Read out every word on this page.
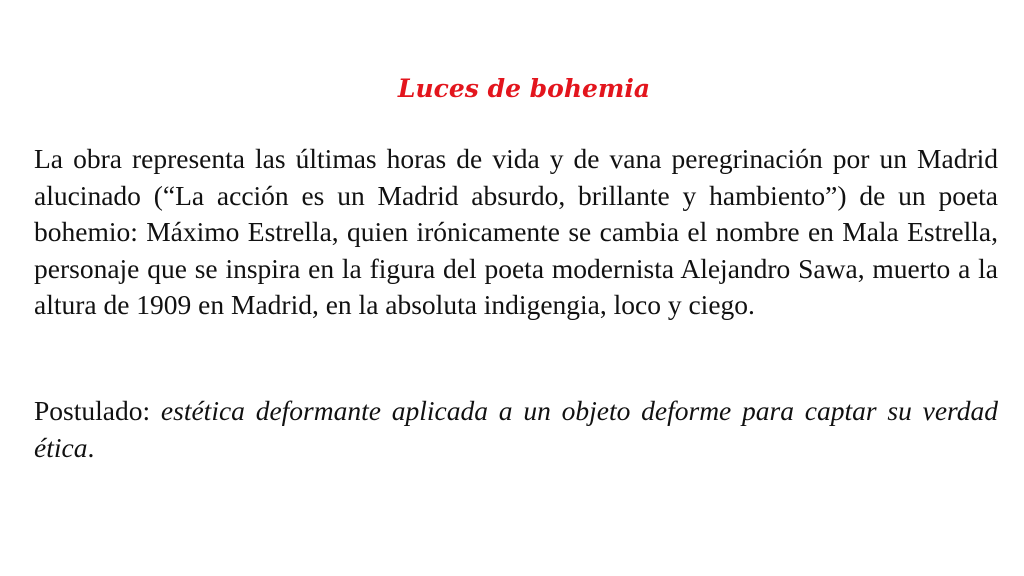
Luces de bohemia

La obra representa las últimas horas de vida y de vana peregrinación por un Madrid alucinado (“La acción es un Madrid absurdo, brillante y hambiento”) de un poeta bohemio: Máximo Estrella, quien irónicamente se cambia el nombre en Mala Estrella, personaje que se inspira en la figura del poeta modernista Alejandro Sawa, muerto a la altura de 1909 en Madrid, en la absoluta indigengia, loco y ciego.

Postulado: estética deformante aplicada a un objeto deforme para captar su verdad ética.
